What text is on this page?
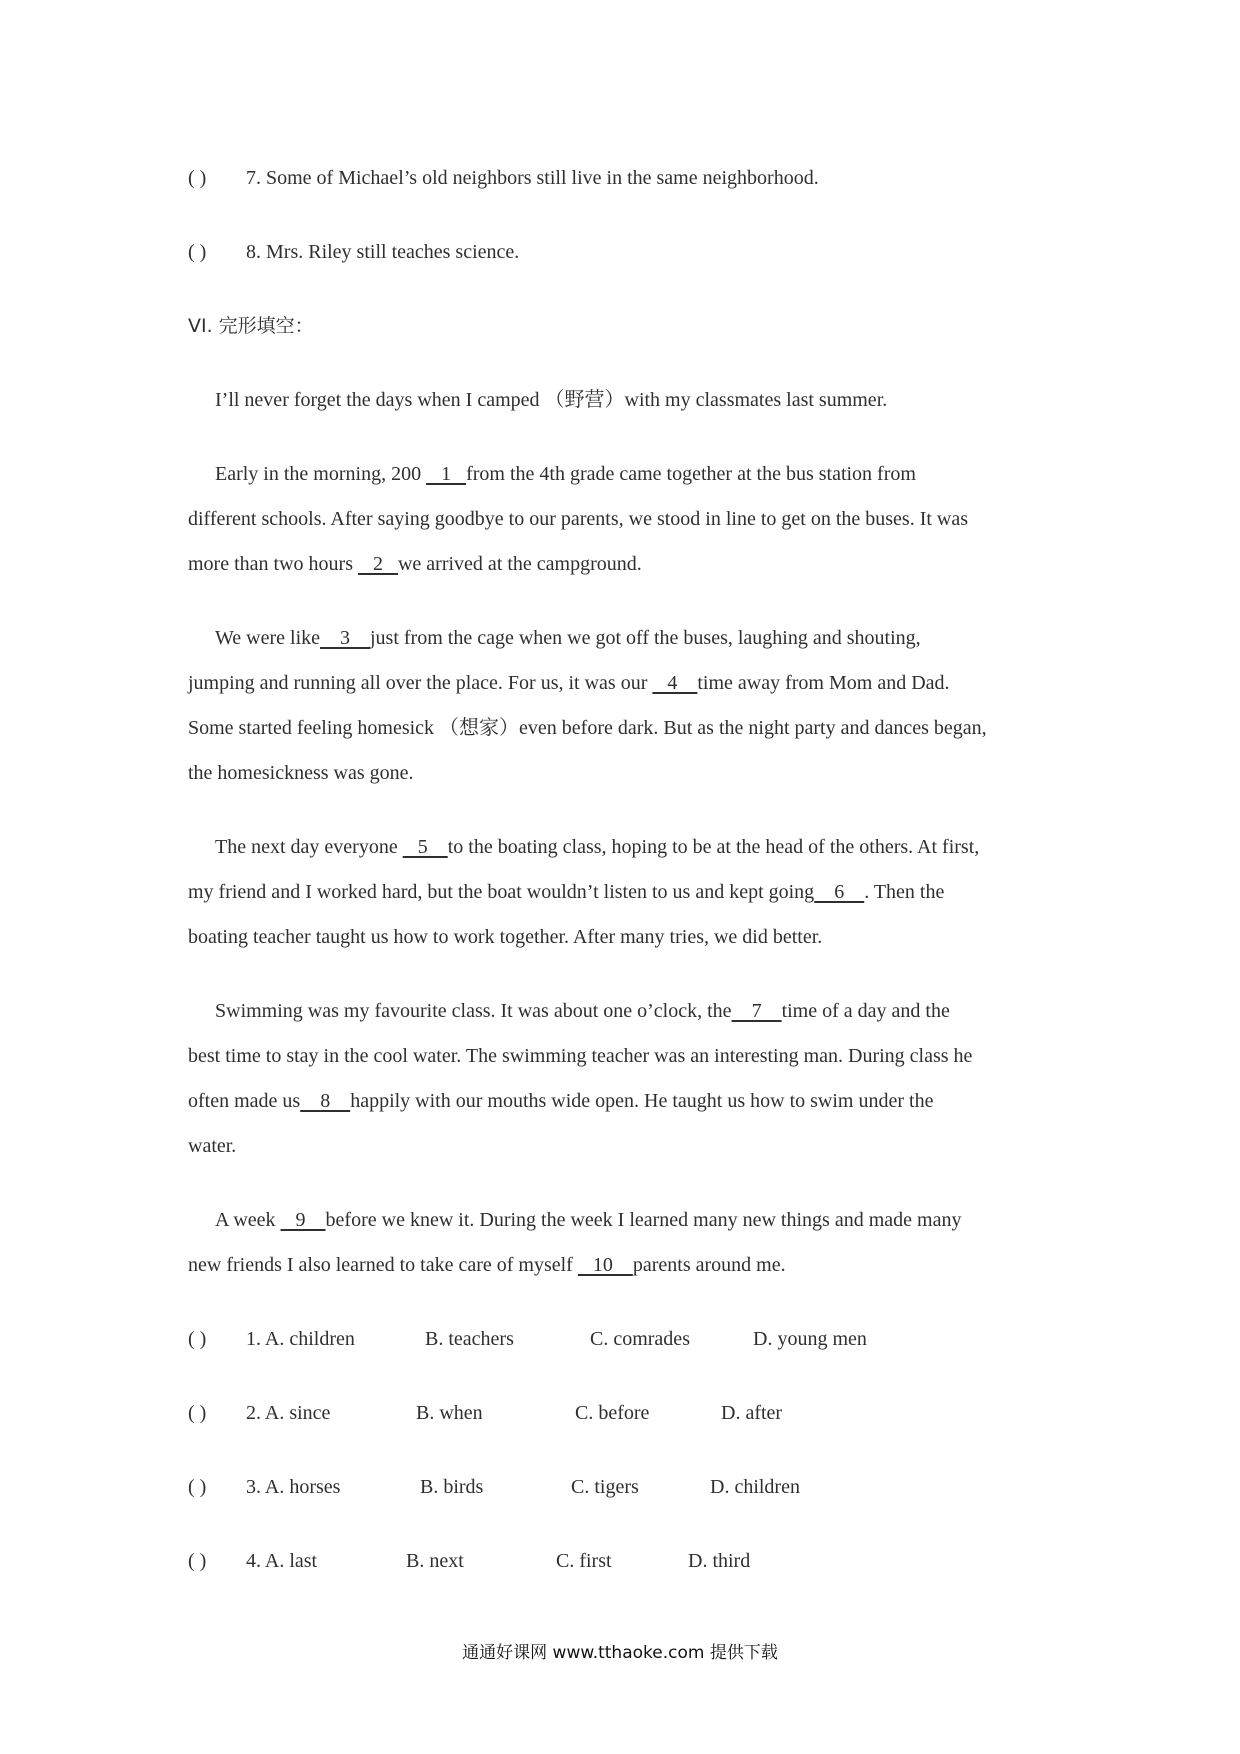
( ) 7. Some of Michael’s old neighbors still live in the same neighborhood.
( ) 8. Mrs. Riley still teaches science.
VI. 完形填空：
I’ll never forget the days when I camped （野营）with my classmates last summer.
Early in the morning, 200    1   from the 4th grade came together at the bus station from
different schools. After saying goodbye to our parents, we stood in line to get on the buses. It was
more than two hours    2   we arrived at the campground.
We were like    3    just from the cage when we got off the buses, laughing and shouting,
jumping and running all over the place. For us, it was our    4    time away from Mom and Dad.
Some started feeling homesick （想家）even before dark. But as the night party and dances began,
the homesickness was gone.
The next day everyone    5    to the boating class, hoping to be at the head of the others. At first,
my friend and I worked hard, but the boat wouldn’t listen to us and kept going    6    . Then the
boating teacher taught us how to work together. After many tries, we did better.
Swimming was my favourite class. It was about one o’clock, the    7    time of a day and the
best time to stay in the cool water. The swimming teacher was an interesting man. During class he
often made us    8    happily with our mouths wide open. He taught us how to swim under the
water.
A week    9    before we knew it. During the week I learned many new things and made many
new friends I also learned to take care of myself    10    parents around me.
( ) 1. A. children	B. teachers	C. comrades	D. young men
( ) 2. A. since	B. when	C. before	D. after
( ) 3. A. horses	B. birds	C. tigers	D. children
( ) 4. A. last	B. next	C. first	D. third
通通好课网 www.tthaoke.com 提供下载
